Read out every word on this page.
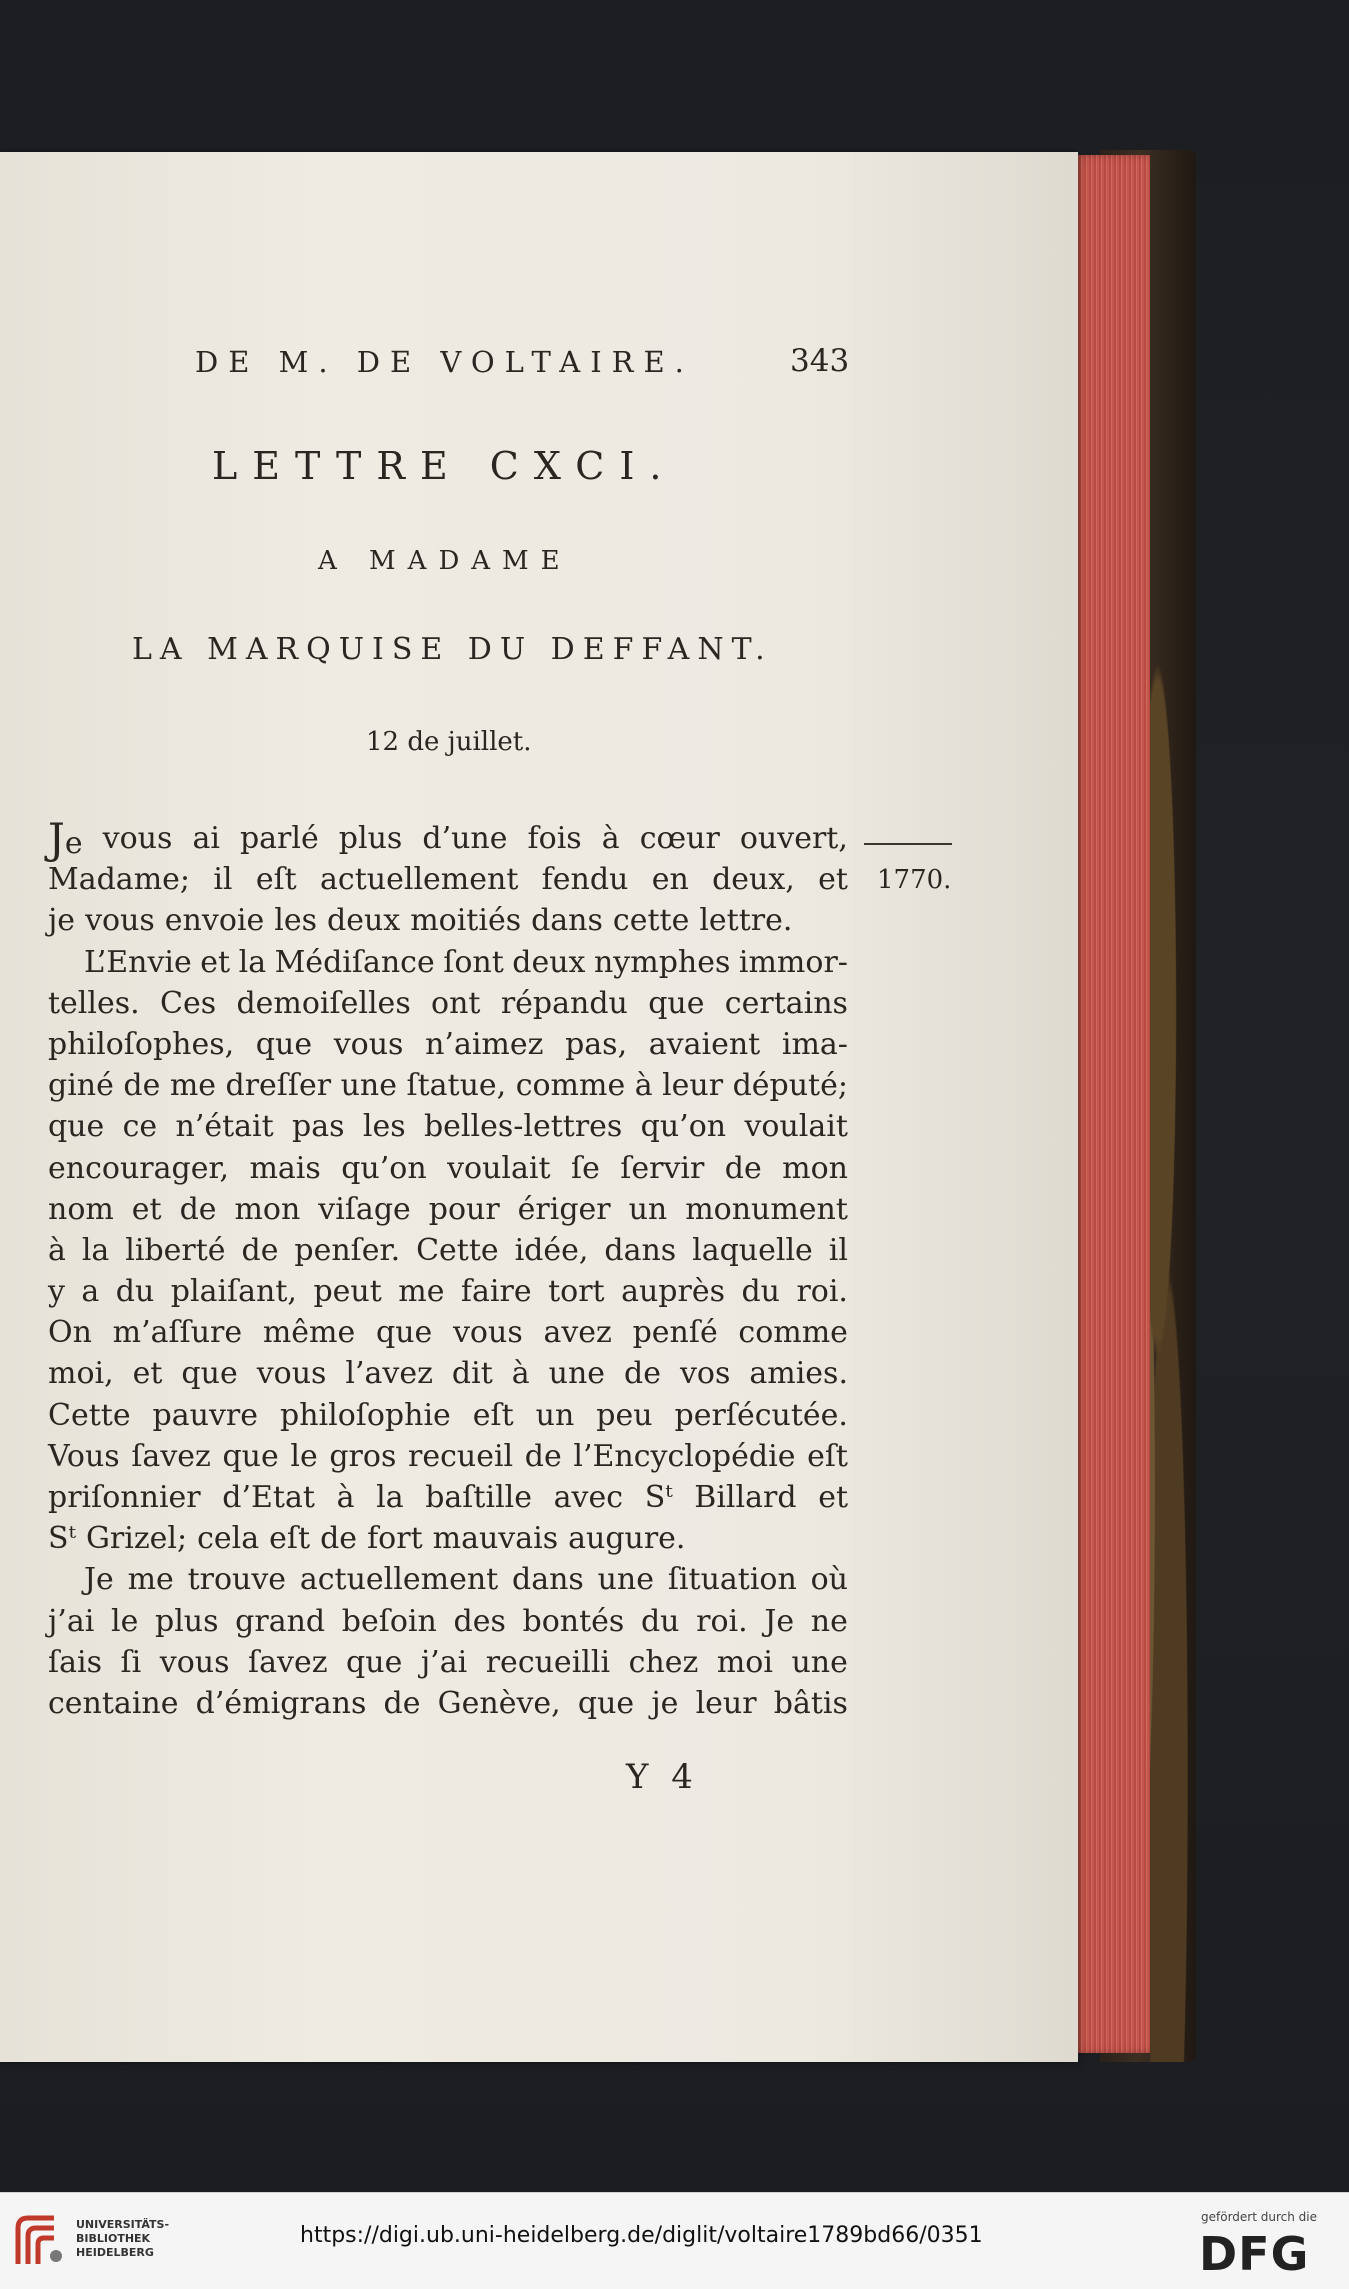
DE M. DE VOLTAIRE.	343
LETTRE CXCI.
A MADAME
LA MARQUISE DU DEFFANT.
12 de juillet.
Je vous ai parlé plus d’une fois à cœur ouvert,
Madame; il eſt actuellement fendu en deux, et
je vous envoie les deux moitiés dans cette lettre.
L’Envie et la Médiſance ſont deux nymphes immor-
telles. Ces demoiſelles ont répandu que certains
philoſophes, que vous n’aimez pas, avaient ima-
giné de me dreſſer une ſtatue, comme à leur député;
que ce n’était pas les belles-lettres qu’on voulait
encourager, mais qu’on voulait ſe ſervir de mon
nom et de mon viſage pour ériger un monument
à la liberté de penſer. Cette idée, dans laquelle il
y a du plaiſant, peut me faire tort auprès du roi.
On m’aſſure même que vous avez penſé comme
moi, et que vous l’avez dit à une de vos amies.
Cette pauvre philoſophie eſt un peu perſécutée.
Vous ſavez que le gros recueil de l’Encyclopédie eſt
priſonnier d’Etat à la baſtille avec Sᵗ Billard et
Sᵗ Grizel; cela eſt de fort mauvais augure.
Je me trouve actuellement dans une ſituation où
j’ai le plus grand beſoin des bontés du roi. Je ne
ſais ſi vous ſavez que j’ai recueilli chez moi une
centaine d’émigrans de Genève, que je leur bâtis
1770.
Y 4
UNIVERSITÄTS-
BIBLIOTHEK
HEIDELBERG
https://digi.ub.uni-heidelberg.de/diglit/voltaire1789bd66/0351
gefördert durch die
DFG
